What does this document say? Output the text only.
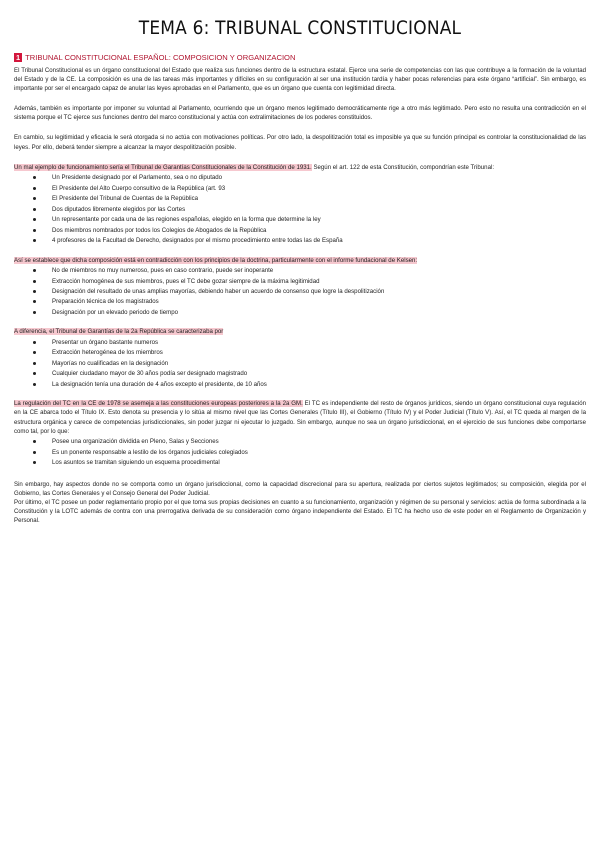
TEMA 6: TRIBUNAL CONSTITUCIONAL
1 TRIBUNAL CONSTITUCIONAL ESPAÑOL: COMPOSICION Y ORGANIZACION

El Tribunal Constitucional es un órgano constitucional del Estado que realiza sus funciones dentro de la estructura estatal. Ejerce una serie de competencias con las que contribuye a la formación de la voluntad del Estado y de la CE. La composición es una de las tareas más importantes y difíciles en su configuración al ser una institución tardía y haber pocas referencias para este órgano “artificial”. Sin embargo, es importante por ser el encargado capaz de anular las leyes aprobadas en el Parlamento, que es un órgano que cuenta con legitimidad directa.

Además, también es importante por imponer su voluntad al Parlamento, ocurriendo que un órgano menos legitimado democráticamente rige a otro más legitimado. Pero esto no resulta una contradicción en el sistema porque el TC ejerce sus funciones dentro del marco constitucional y actúa con extralimitaciones de los poderes constituidos.

En cambio, su legitimidad y eficacia le será otorgada si no actúa con motivaciones políticas. Por otro lado, la despolitización total es imposible ya que su función principal es controlar la constitucionalidad de las leyes. Por ello, deberá tender siempre a alcanzar la mayor despolitización posible.

Un mal ejemplo de funcionamiento sería el Tribunal de Garantías Constitucionales de la Constitución de 1931. Según el art. 122 de esta Constitución, compondrían este Tribunal:

Un Presidente designado por el Parlamento, sea o no diputado
El Presidente del Alto Cuerpo consultivo de la República (art. 93
El Presidente del Tribunal de Cuentas de la República
Dos diputados libremente elegidos por las Cortes
Un representante por cada una de las regiones españolas, elegido en la forma que determine la ley
Dos miembros nombrados por todos los Colegios de Abogados de la República
4 profesores de la Facultad de Derecho, designados por el mismo procedimiento entre todas las de España

Así se establece que dicha composición está en contradicción con los principios de la doctrina, particularmente con el informe fundacional de Kelsen:

No de miembros no muy numeroso, pues en caso contrario, puede ser inoperante
Extracción homogénea de sus miembros, pues el TC debe gozar siempre de la máxima legitimidad
Designación del resultado de unas amplias mayorías, debiendo haber un acuerdo de consenso que logre la despolitización
Preparación técnica de los magistrados
Designación por un elevado periodo de tiempo

A diferencia, el Tribunal de Garantías de la 2a República se caracterizaba por

Presentar un órgano bastante numeros
Extracción heterogénea de los miembros
Mayorías no cualificadas en la designación
Cualquier ciudadano mayor de 30 años podía ser designado magistrado
La designación tenía una duración de 4 años excepto el presidente, de 10 años

La regulación del TC en la CE de 1978 se asemeja a las constituciones europeas posteriores a la 2a GM. El TC es independiente del resto de órganos jurídicos, siendo un órgano constitucional cuya regulación en la CE abarca todo el Título IX. Esto denota su presencia y lo sitúa al mismo nivel que las Cortes Generales (Título III), el Gobierno (Título IV) y el Poder Judicial (Título V). Así, el TC queda al margen de la estructura orgánica y carece de competencias jurisdiccionales, sin poder juzgar ni ejecutar lo juzgado. Sin embargo, aunque no sea un órgano jurisdiccional, en el ejercicio de sus funciones debe comportarse como tal, por lo que:

Posee una organización dividida en Pleno, Salas y Secciones
Es un ponente responsable a lestilo de los órganos judiciales colegiados
Los asuntos se tramitan siguiendo un esquema procedimental

Sin embargo, hay aspectos donde no se comporta como un órgano jurisdiccional, como la capacidad discrecional para su apertura, realizada por ciertos sujetos legitimados; su composición, elegida por el Gobierno, las Cortes Generales y el Consejo General del Poder Judicial.

Por último, el TC posee un poder reglamentario propio por el que toma sus propias decisiones en cuanto a su funcionamiento, organización y régimen de su personal y servicios: actúa de forma subordinada a la Constitución y la LOTC además de contra con una prerrogativa derivada de su consideración como órgano independiente del Estado. El TC ha hecho uso de este poder en el Reglamento de Organización y Personal.
